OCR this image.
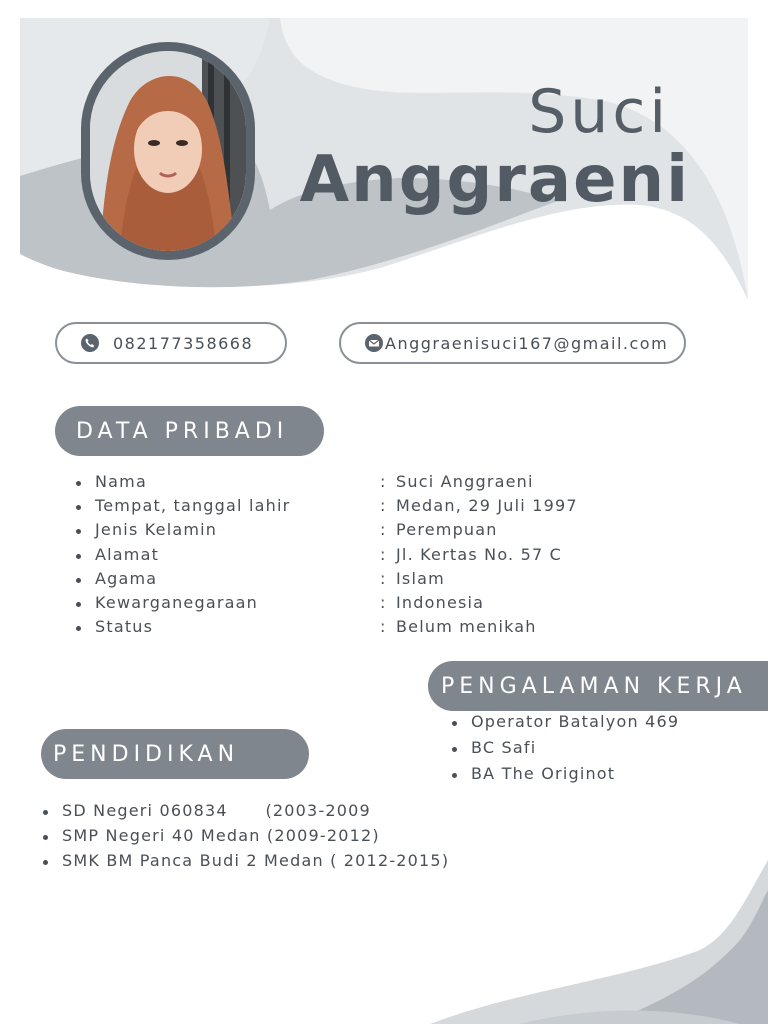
Suci
Anggraeni
082177358668	Anggraenisuci167@gmail.com
DATA PRIBADI
Nama
Tempat, tanggal lahir
Jenis Kelamin
Alamat
Agama
Kewarganegaraan
Status
: Suci Anggraeni
: Medan, 29 Juli 1997
: Perempuan
: Jl. Kertas No. 57 C
: Islam
: Indonesia
: Belum menikah
PENGALAMAN KERJA
Operator Batalyon 469
BC Safi
BA The Originot
PENDIDIKAN
SD Negeri 060834      (2003-2009
SMP Negeri 40 Medan (2009-2012)
SMK BM Panca Budi 2 Medan ( 2012-2015)
